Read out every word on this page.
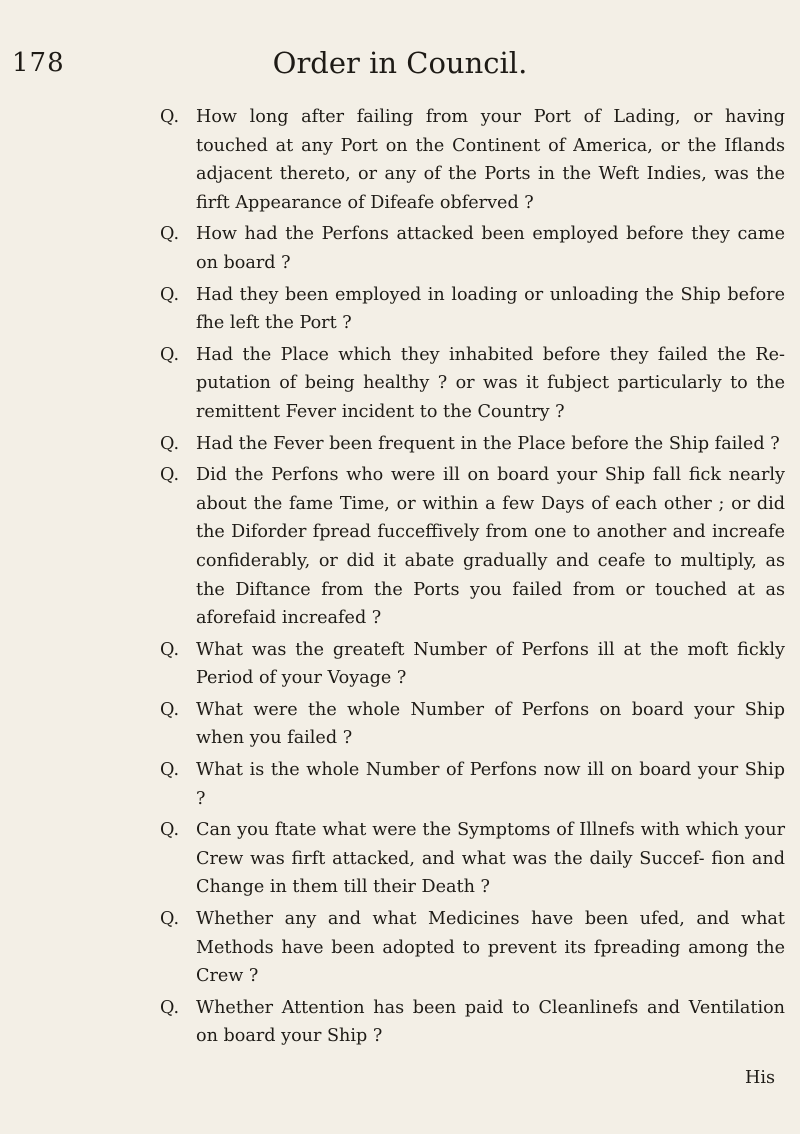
178	Order in Council.
Q. How long after failing from your Port of Lading, or having touched at any Port on the Continent of America, or the Iflands adjacent thereto, or any of the Ports in the Weft Indies, was the firft Appearance of Difeafe obferved ?
Q. How had the Perfons attacked been employed before they came on board ?
Q. Had they been employed in loading or unloading the Ship before fhe left the Port ?
Q. Had the Place which they inhabited before they failed the Re- putation of being healthy ? or was it fubject particularly to the remittent Fever incident to the Country ?
Q. Had the Fever been frequent in the Place before the Ship failed ?
Q. Did the Perfons who were ill on board your Ship fall fick nearly about the fame Time, or within a few Days of each other ; or did the Diforder fpread fucceffively from one to another and increafe confiderably, or did it abate gradually and ceafe to multiply, as the Diftance from the Ports you failed from or touched at as aforefaid increafed ?
Q. What was the greateft Number of Perfons ill at the moft fickly Period of your Voyage ?
Q. What were the whole Number of Perfons on board your Ship when you failed ?
Q. What is the whole Number of Perfons now ill on board your Ship ?
Q. Can you ftate what were the Symptoms of Illnefs with which your Crew was firft attacked, and what was the daily Succef- fion and Change in them till their Death ?
Q. Whether any and what Medicines have been ufed, and what Methods have been adopted to prevent its fpreading among the Crew ?
Q. Whether Attention has been paid to Cleanlinefs and Ventilation on board your Ship ?
His
